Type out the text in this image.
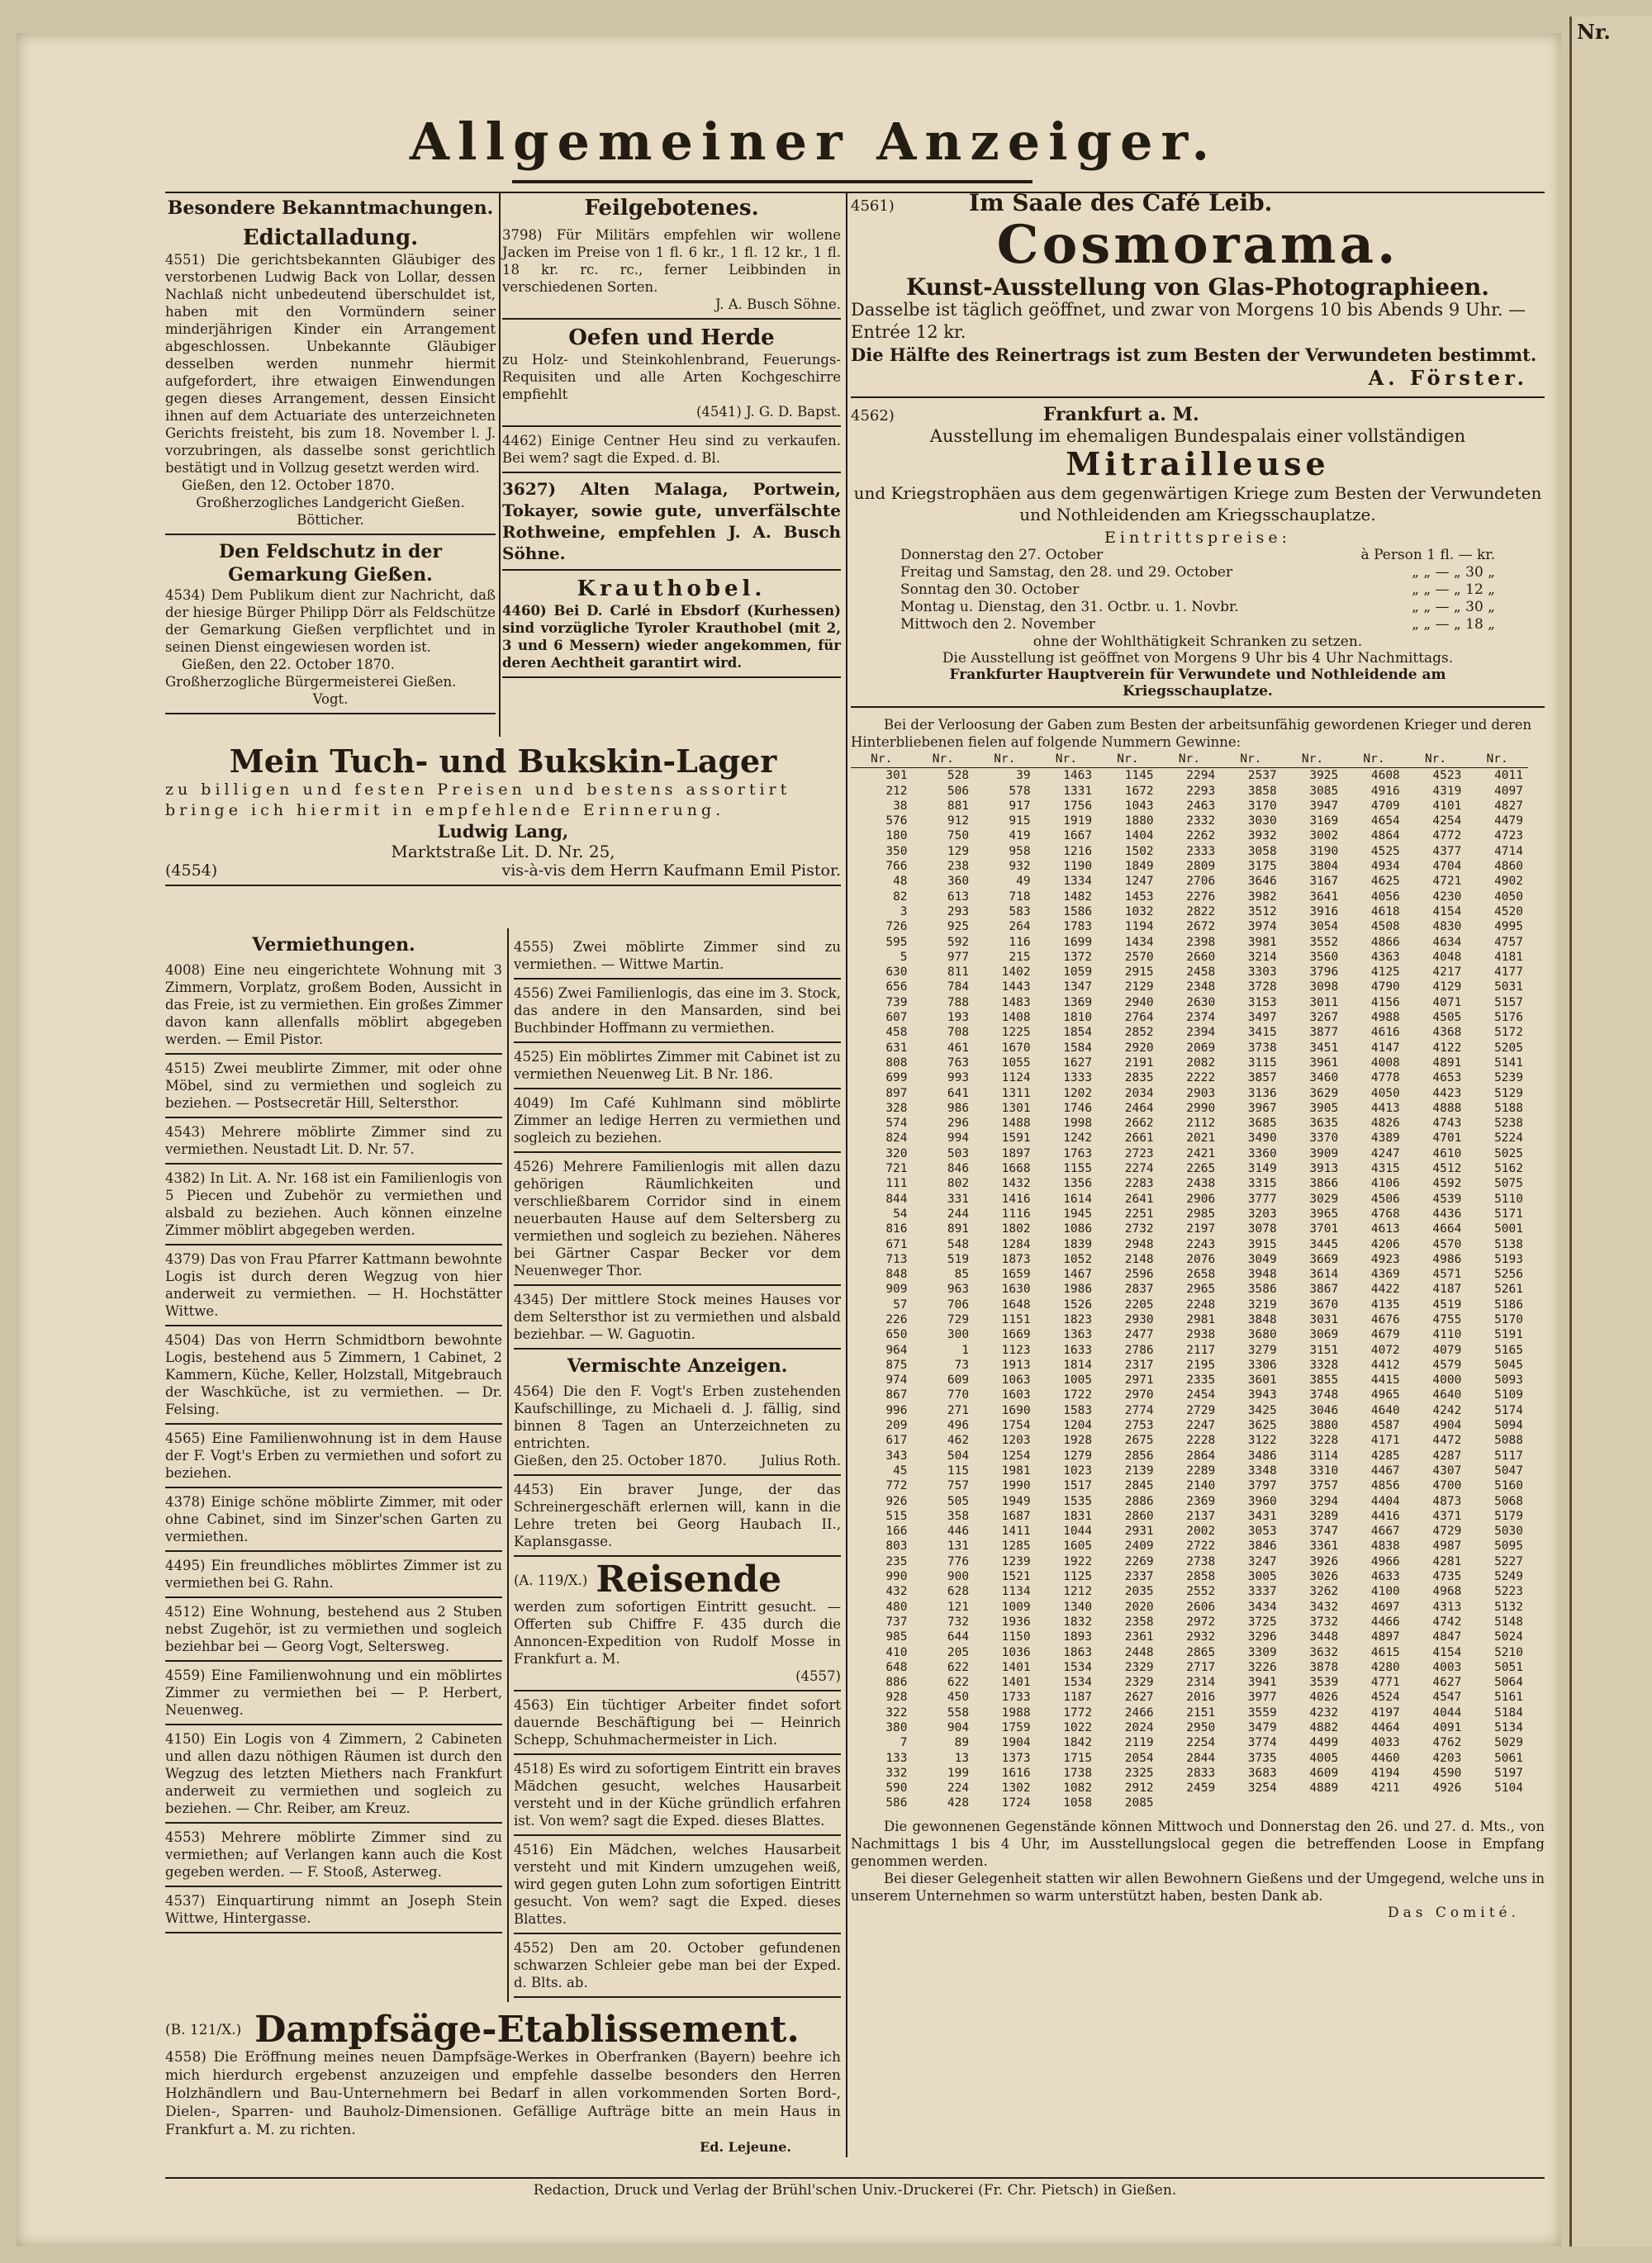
Nr.
Allgemeiner Anzeiger.
Besondere Bekanntmachungen.
Edictalladung.
4551) Die gerichtsbekannten Gläubiger des verstorbenen Ludwig Back von Lollar, dessen Nachlaß nicht unbedeutend überschuldet ist, haben mit den Vormündern seiner minderjährigen Kinder ein Arrangement abgeschlossen. Unbekannte Gläubiger desselben werden nunmehr hiermit aufgefordert, ihre etwaigen Einwendungen gegen dieses Arrangement, dessen Einsicht ihnen auf dem Actuariate des unterzeichneten Gerichts freisteht, bis zum 18. November l. J. vorzubringen, als dasselbe sonst gerichtlich bestätigt und in Vollzug gesetzt werden wird.
Gießen, den 12. October 1870.
Großherzogliches Landgericht Gießen.
Bötticher.
Den Feldschutz in der Gemarkung Gießen.
4534) Dem Publikum dient zur Nachricht, daß der hiesige Bürger Philipp Dörr als Feldschütze der Gemarkung Gießen verpflichtet und in seinen Dienst eingewiesen worden ist.
Gießen, den 22. October 1870.
Großherzogliche Bürgermeisterei Gießen.
Vogt.
Feilgebotenes.
3798) Für Militärs empfehlen wir wollene Jacken im Preise von 1 fl. 6 kr., 1 fl. 12 kr., 1 fl. 18 kr. rc. rc., ferner Leibbinden in verschiedenen Sorten.
J. A. Busch Söhne.
Oefen und Herde
zu Holz- und Steinkohlenbrand, Feuerungs-Requisiten und alle Arten Kochgeschirre empfiehlt
(4541) J. G. D. Bapst.
4462) Einige Centner Heu sind zu verkaufen. Bei wem? sagt die Exped. d. Bl.
3627) Alten Malaga, Portwein, Tokayer, sowie gute, unverfälschte Rothweine, empfehlen J. A. Busch Söhne.
Krauthobel.
4460) Bei D. Carlé in Ebsdorf (Kurhessen) sind vorzügliche Tyroler Krauthobel (mit 2, 3 und 6 Messern) wieder angekommen, für deren Aechtheit garantirt wird.
Mein Tuch- und Bukskin-Lager
zu billigen und festen Preisen und bestens assortirt bringe ich hiermit in empfehlende Erinnerung.
Ludwig Lang,
Marktstraße Lit. D. Nr. 25,
(4554)	vis-à-vis dem Herrn Kaufmann Emil Pistor.
Vermiethungen.
4008) Eine neu eingerichtete Wohnung mit 3 Zimmern, Vorplatz, großem Boden, Aussicht in das Freie, ist zu vermiethen. Ein großes Zimmer davon kann allenfalls möblirt abgegeben werden. — Emil Pistor.
4515) Zwei meublirte Zimmer, mit oder ohne Möbel, sind zu vermiethen und sogleich zu beziehen. — Postsecretär Hill, Seltersthor.
4543) Mehrere möblirte Zimmer sind zu vermiethen. Neustadt Lit. D. Nr. 57.
4382) In Lit. A. Nr. 168 ist ein Familienlogis von 5 Piecen und Zubehör zu vermiethen und alsbald zu beziehen. Auch können einzelne Zimmer möblirt abgegeben werden.
4379) Das von Frau Pfarrer Kattmann bewohnte Logis ist durch deren Wegzug von hier anderweit zu vermiethen. — H. Hochstätter Wittwe.
4504) Das von Herrn Schmidtborn bewohnte Logis, bestehend aus 5 Zimmern, 1 Cabinet, 2 Kammern, Küche, Keller, Holzstall, Mitgebrauch der Waschküche, ist zu vermiethen. — Dr. Felsing.
4565) Eine Familienwohnung ist in dem Hause der F. Vogt's Erben zu vermiethen und sofort zu beziehen.
4378) Einige schöne möblirte Zimmer, mit oder ohne Cabinet, sind im Sinzer'schen Garten zu vermiethen.
4495) Ein freundliches möblirtes Zimmer ist zu vermiethen bei G. Rahn.
4512) Eine Wohnung, bestehend aus 2 Stuben nebst Zugehör, ist zu vermiethen und sogleich beziehbar bei — Georg Vogt, Seltersweg.
4559) Eine Familienwohnung und ein möblirtes Zimmer zu vermiethen bei — P. Herbert, Neuenweg.
4150) Ein Logis von 4 Zimmern, 2 Cabineten und allen dazu nöthigen Räumen ist durch den Wegzug des letzten Miethers nach Frankfurt anderweit zu vermiethen und sogleich zu beziehen. — Chr. Reiber, am Kreuz.
4553) Mehrere möblirte Zimmer sind zu vermiethen; auf Verlangen kann auch die Kost gegeben werden. — F. Stooß, Asterweg.
4537) Einquartirung nimmt an Joseph Stein Wittwe, Hintergasse.
4555) Zwei möblirte Zimmer sind zu vermiethen. — Wittwe Martin.
4556) Zwei Familienlogis, das eine im 3. Stock, das andere in den Mansarden, sind bei Buchbinder Hoffmann zu vermiethen.
4525) Ein möblirtes Zimmer mit Cabinet ist zu vermiethen Neuenweg Lit. B Nr. 186.
4049) Im Café Kuhlmann sind möblirte Zimmer an ledige Herren zu vermiethen und sogleich zu beziehen.
4526) Mehrere Familienlogis mit allen dazu gehörigen Räumlichkeiten und verschließbarem Corridor sind in einem neuerbauten Hause auf dem Seltersberg zu vermiethen und sogleich zu beziehen. Näheres bei Gärtner Caspar Becker vor dem Neuenweger Thor.
4345) Der mittlere Stock meines Hauses vor dem Seltersthor ist zu vermiethen und alsbald beziehbar. — W. Gaguotin.
Vermischte Anzeigen.
4564) Die den F. Vogt's Erben zustehenden Kaufschillinge, zu Michaeli d. J. fällig, sind binnen 8 Tagen an Unterzeichneten zu entrichten.
Gießen, den 25. October 1870. Julius Roth.
4453) Ein braver Junge, der das Schreinergeschäft erlernen will, kann in die Lehre treten bei Georg Haubach II., Kaplansgasse.
(A. 119/X.) Reisende
werden zum sofortigen Eintritt gesucht. — Offerten sub Chiffre F. 435 durch die Annoncen-Expedition von Rudolf Mosse in Frankfurt a. M.
(4557)
4563) Ein tüchtiger Arbeiter findet sofort dauernde Beschäftigung bei — Heinrich Schepp, Schuhmachermeister in Lich.
4518) Es wird zu sofortigem Eintritt ein braves Mädchen gesucht, welches Hausarbeit versteht und in der Küche gründlich erfahren ist. Von wem? sagt die Exped. dieses Blattes.
4516) Ein Mädchen, welches Hausarbeit versteht und mit Kindern umzugehen weiß, wird gegen guten Lohn zum sofortigen Eintritt gesucht. Von wem? sagt die Exped. dieses Blattes.
4552) Den am 20. October gefundenen schwarzen Schleier gebe man bei der Exped. d. Blts. ab.
(B. 121/X.) Dampfsäge-Etablissement.
4558) Die Eröffnung meines neuen Dampfsäge-Werkes in Oberfranken (Bayern) beehre ich mich hierdurch ergebenst anzuzeigen und empfehle dasselbe besonders den Herren Holzhändlern und Bau-Unternehmern bei Bedarf in allen vorkommenden Sorten Bord-, Dielen-, Sparren- und Bauholz-Dimensionen. Gefällige Aufträge bitte an mein Haus in Frankfurt a. M. zu richten.
Ed. Lejeune.
4561)	Im Saale des Café Leib.
Cosmorama.
Kunst-Ausstellung von Glas-Photographieen.
Dasselbe ist täglich geöffnet, und zwar von Morgens 10 bis Abends 9 Uhr. — Entrée 12 kr.
Die Hälfte des Reinertrags ist zum Besten der Verwundeten bestimmt.
A. Förster.
4562)	Frankfurt a. M.
Ausstellung im ehemaligen Bundespalais einer vollständigen
Mitrailleuse
und Kriegstrophäen aus dem gegenwärtigen Kriege zum Besten der Verwundeten und Nothleidenden am Kriegsschauplatze.
Eintrittspreise:
Donnerstag den 27. October	à Person 1 fl. — kr.
Freitag und Samstag, den 28. und 29. October	„ „ — „ 30 „
Sonntag den 30. October	„ „ — „ 12 „
Montag u. Dienstag, den 31. Octbr. u. 1. Novbr.	„ „ — „ 30 „
Mittwoch den 2. November	„ „ — „ 18 „
ohne der Wohlthätigkeit Schranken zu setzen.
Die Ausstellung ist geöffnet von Morgens 9 Uhr bis 4 Uhr Nachmittags.
Frankfurter Hauptverein für Verwundete und Nothleidende am Kriegsschauplatze.
Bei der Verloosung der Gaben zum Besten der arbeitsunfähig gewordenen Krieger und deren Hinterbliebenen fielen auf folgende Nummern Gewinne:
Nr.	Nr.	Nr.	Nr.	Nr.	Nr.	Nr.	Nr.	Nr.	Nr.	Nr.
301	528	39	1463	1145	2294	2537	3925	4608	4523	4011
212	506	578	1331	1672	2293	3858	3085	4916	4319	4097
38	881	917	1756	1043	2463	3170	3947	4709	4101	4827
576	912	915	1919	1880	2332	3030	3169	4654	4254	4479
180	750	419	1667	1404	2262	3932	3002	4864	4772	4723
350	129	958	1216	1502	2333	3058	3190	4525	4377	4714
766	238	932	1190	1849	2809	3175	3804	4934	4704	4860
48	360	49	1334	1247	2706	3646	3167	4625	4721	4902
82	613	718	1482	1453	2276	3982	3641	4056	4230	4050
3	293	583	1586	1032	2822	3512	3916	4618	4154	4520
726	925	264	1783	1194	2672	3974	3054	4508	4830	4995
595	592	116	1699	1434	2398	3981	3552	4866	4634	4757
5	977	215	1372	2570	2660	3214	3560	4363	4048	4181
630	811	1402	1059	2915	2458	3303	3796	4125	4217	4177
656	784	1443	1347	2129	2348	3728	3098	4790	4129	5031
739	788	1483	1369	2940	2630	3153	3011	4156	4071	5157
607	193	1408	1810	2764	2374	3497	3267	4988	4505	5176
458	708	1225	1854	2852	2394	3415	3877	4616	4368	5172
631	461	1670	1584	2920	2069	3738	3451	4147	4122	5205
808	763	1055	1627	2191	2082	3115	3961	4008	4891	5141
699	993	1124	1333	2835	2222	3857	3460	4778	4653	5239
897	641	1311	1202	2034	2903	3136	3629	4050	4423	5129
328	986	1301	1746	2464	2990	3967	3905	4413	4888	5188
574	296	1488	1998	2662	2112	3685	3635	4826	4743	5238
824	994	1591	1242	2661	2021	3490	3370	4389	4701	5224
320	503	1897	1763	2723	2421	3360	3909	4247	4610	5025
721	846	1668	1155	2274	2265	3149	3913	4315	4512	5162
111	802	1432	1356	2283	2438	3315	3866	4106	4592	5075
844	331	1416	1614	2641	2906	3777	3029	4506	4539	5110
54	244	1116	1945	2251	2985	3203	3965	4768	4436	5171
816	891	1802	1086	2732	2197	3078	3701	4613	4664	5001
671	548	1284	1839	2948	2243	3915	3445	4206	4570	5138
713	519	1873	1052	2148	2076	3049	3669	4923	4986	5193
848	85	1659	1467	2596	2658	3948	3614	4369	4571	5256
909	963	1630	1986	2837	2965	3586	3867	4422	4187	5261
57	706	1648	1526	2205	2248	3219	3670	4135	4519	5186
226	729	1151	1823	2930	2981	3848	3031	4676	4755	5170
650	300	1669	1363	2477	2938	3680	3069	4679	4110	5191
964	1	1123	1633	2786	2117	3279	3151	4072	4079	5165
875	73	1913	1814	2317	2195	3306	3328	4412	4579	5045
974	609	1063	1005	2971	2335	3601	3855	4415	4000	5093
867	770	1603	1722	2970	2454	3943	3748	4965	4640	5109
996	271	1690	1583	2774	2729	3425	3046	4640	4242	5174
209	496	1754	1204	2753	2247	3625	3880	4587	4904	5094
617	462	1203	1928	2675	2228	3122	3228	4171	4472	5088
343	504	1254	1279	2856	2864	3486	3114	4285	4287	5117
45	115	1981	1023	2139	2289	3348	3310	4467	4307	5047
772	757	1990	1517	2845	2140	3797	3757	4856	4700	5160
926	505	1949	1535	2886	2369	3960	3294	4404	4873	5068
515	358	1687	1831	2860	2137	3431	3289	4416	4371	5179
166	446	1411	1044	2931	2002	3053	3747	4667	4729	5030
803	131	1285	1605	2409	2722	3846	3361	4838	4987	5095
235	776	1239	1922	2269	2738	3247	3926	4966	4281	5227
990	900	1521	1125	2337	2858	3005	3026	4633	4735	5249
432	628	1134	1212	2035	2552	3337	3262	4100	4968	5223
480	121	1009	1340	2020	2606	3434	3432	4697	4313	5132
737	732	1936	1832	2358	2972	3725	3732	4466	4742	5148
985	644	1150	1893	2361	2932	3296	3448	4897	4847	5024
410	205	1036	1863	2448	2865	3309	3632	4615	4154	5210
648	622	1401	1534	2329	2717	3226	3878	4280	4003	5051
886	622	1401	1534	2329	2314	3941	3539	4771	4627	5064
928	450	1733	1187	2627	2016	3977	4026	4524	4547	5161
322	558	1988	1772	2466	2151	3559	4232	4197	4044	5184
380	904	1759	1022	2024	2950	3479	4882	4464	4091	5134
7	89	1904	1842	2119	2254	3774	4499	4033	4762	5029
133	13	1373	1715	2054	2844	3735	4005	4460	4203	5061
332	199	1616	1738	2325	2833	3683	4609	4194	4590	5197
590	224	1302	1082	2912	2459	3254	4889	4211	4926	5104
586	428	1724	1058	2085						
Die gewonnenen Gegenstände können Mittwoch und Donnerstag den 26. und 27. d. Mts., von Nachmittags 1 bis 4 Uhr, im Ausstellungslocal gegen die betreffenden Loose in Empfang genommen werden.
Bei dieser Gelegenheit statten wir allen Bewohnern Gießens und der Umgegend, welche uns in unserem Unternehmen so warm unterstützt haben, besten Dank ab.
Das Comité.
Redaction, Druck und Verlag der Brühl'schen Univ.-Druckerei (Fr. Chr. Pietsch) in Gießen.
